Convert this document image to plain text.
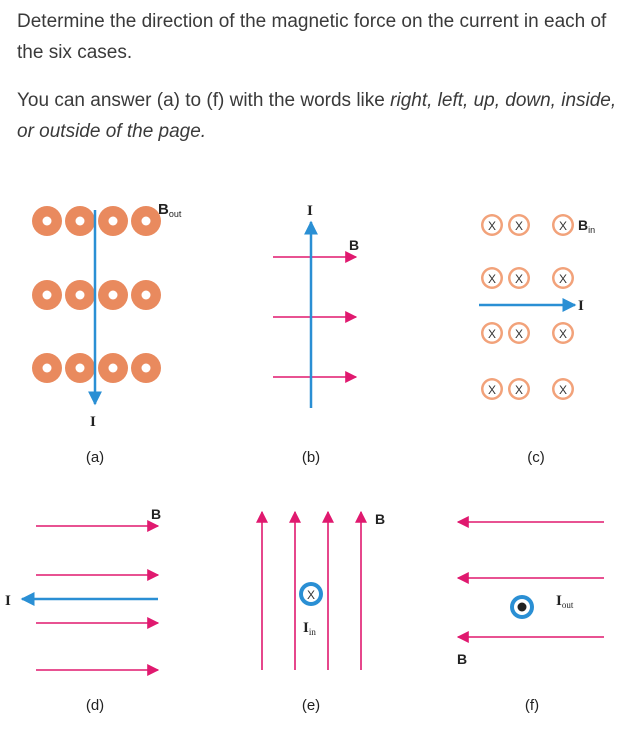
Determine the direction of the magnetic force on the current in each of the six cases.

You can answer (a) to (f) with the words like right, left, up, down, inside, or outside of the page.

I
$B_{out}$
(a)
I
B
(b)
X X	X
X X	X
X X	X
X X	X
I
$B_{in}$
(c)
I
B
(d)
X
$I_{in}$
B
(e)
$I_{out}$
B
(f)
